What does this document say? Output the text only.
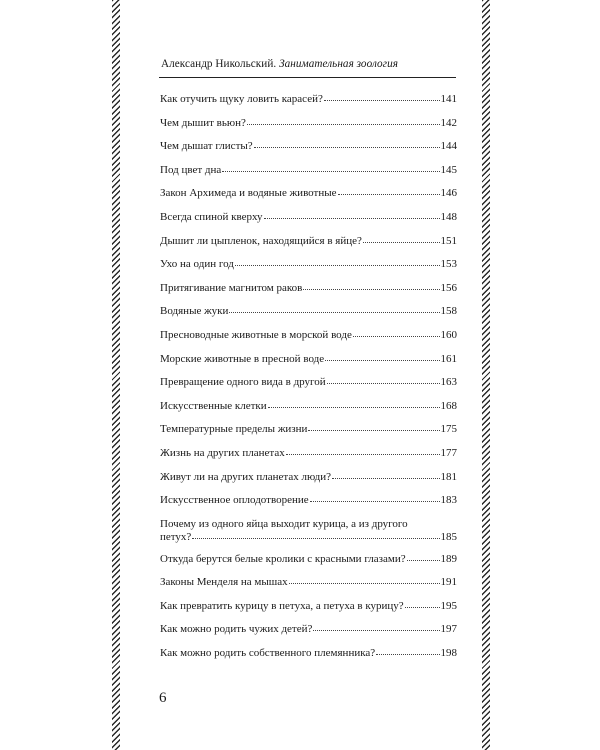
Александр Никольский. Занимательная зоология
Как отучить щуку ловить карасей?	141
Чем дышит вьюн?	142
Чем дышат глисты?	144
Под цвет дна	145
Закон Архимеда и водяные животные	146
Всегда спиной кверху	148
Дышит ли цыпленок, находящийся в яйце?	151
Ухо на один год	153
Притягивание магнитом раков	156
Водяные жуки	158
Пресноводные животные в морской воде	160
Морские животные в пресной воде	161
Превращение одного вида в другой	163
Искусственные клетки	168
Температурные пределы жизни	175
Жизнь на других планетах	177
Живут ли на других планетах люди?	181
Искусственное оплодотворение	183
Почему из одного яйца выходит курица, а из другого
петух?	185
Откуда берутся белые кролики с красными глазами?	189
Законы Менделя на мышах	191
Как превратить курицу в петуха, а петуха в курицу?	195
Как можно родить чужих детей?	197
Как можно родить собственного племянника?	198
6
